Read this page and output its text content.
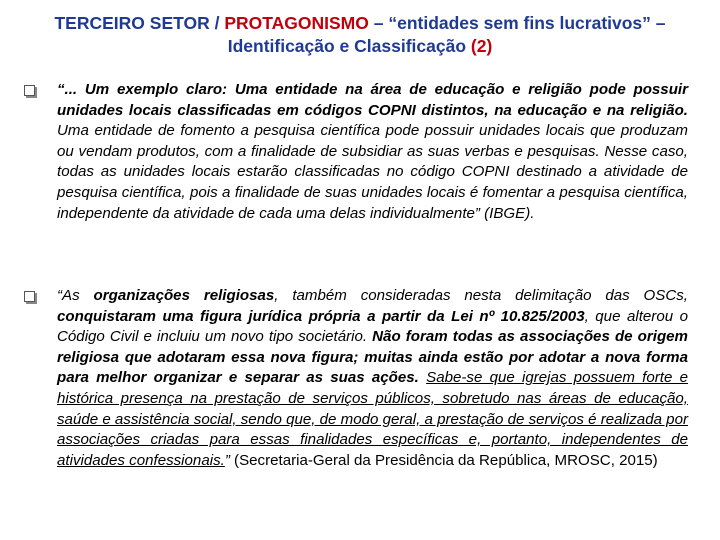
TERCEIRO SETOR / PROTAGONISMO – “entidades sem fins lucrativos” – Identificação e Classificação (2)
“... Um exemplo claro: Uma entidade na área de educação e religião pode possuir unidades locais classificadas em códigos COPNI distintos, na educação e na religião. Uma entidade de fomento a pesquisa científica pode possuir unidades locais que produzam ou vendam produtos, com a finalidade de subsidiar as suas verbas e pesquisas. Nesse caso, todas as unidades locais estarão classificadas no código COPNI destinado a atividade de pesquisa científica, pois a finalidade de suas unidades locais é fomentar a pesquisa científica, independente da atividade de cada uma delas individualmente” (IBGE).
“As organizações religiosas, também consideradas nesta delimitação das OSCs, conquistaram uma figura jurídica própria a partir da Lei nº 10.825/2003, que alterou o Código Civil e incluiu um novo tipo societário. Não foram todas as associações de origem religiosa que adotaram essa nova figura; muitas ainda estão por adotar a nova forma para melhor organizar e separar as suas ações. Sabe-se que igrejas possuem forte e histórica presença na prestação de serviços públicos, sobretudo nas áreas de educação, saúde e assistência social, sendo que, de modo geral, a prestação de serviços é realizada por associações criadas para essas finalidades específicas e, portanto, independentes de atividades confessionais.” (Secretaria-Geral da Presidência da República, MROSC, 2015)
